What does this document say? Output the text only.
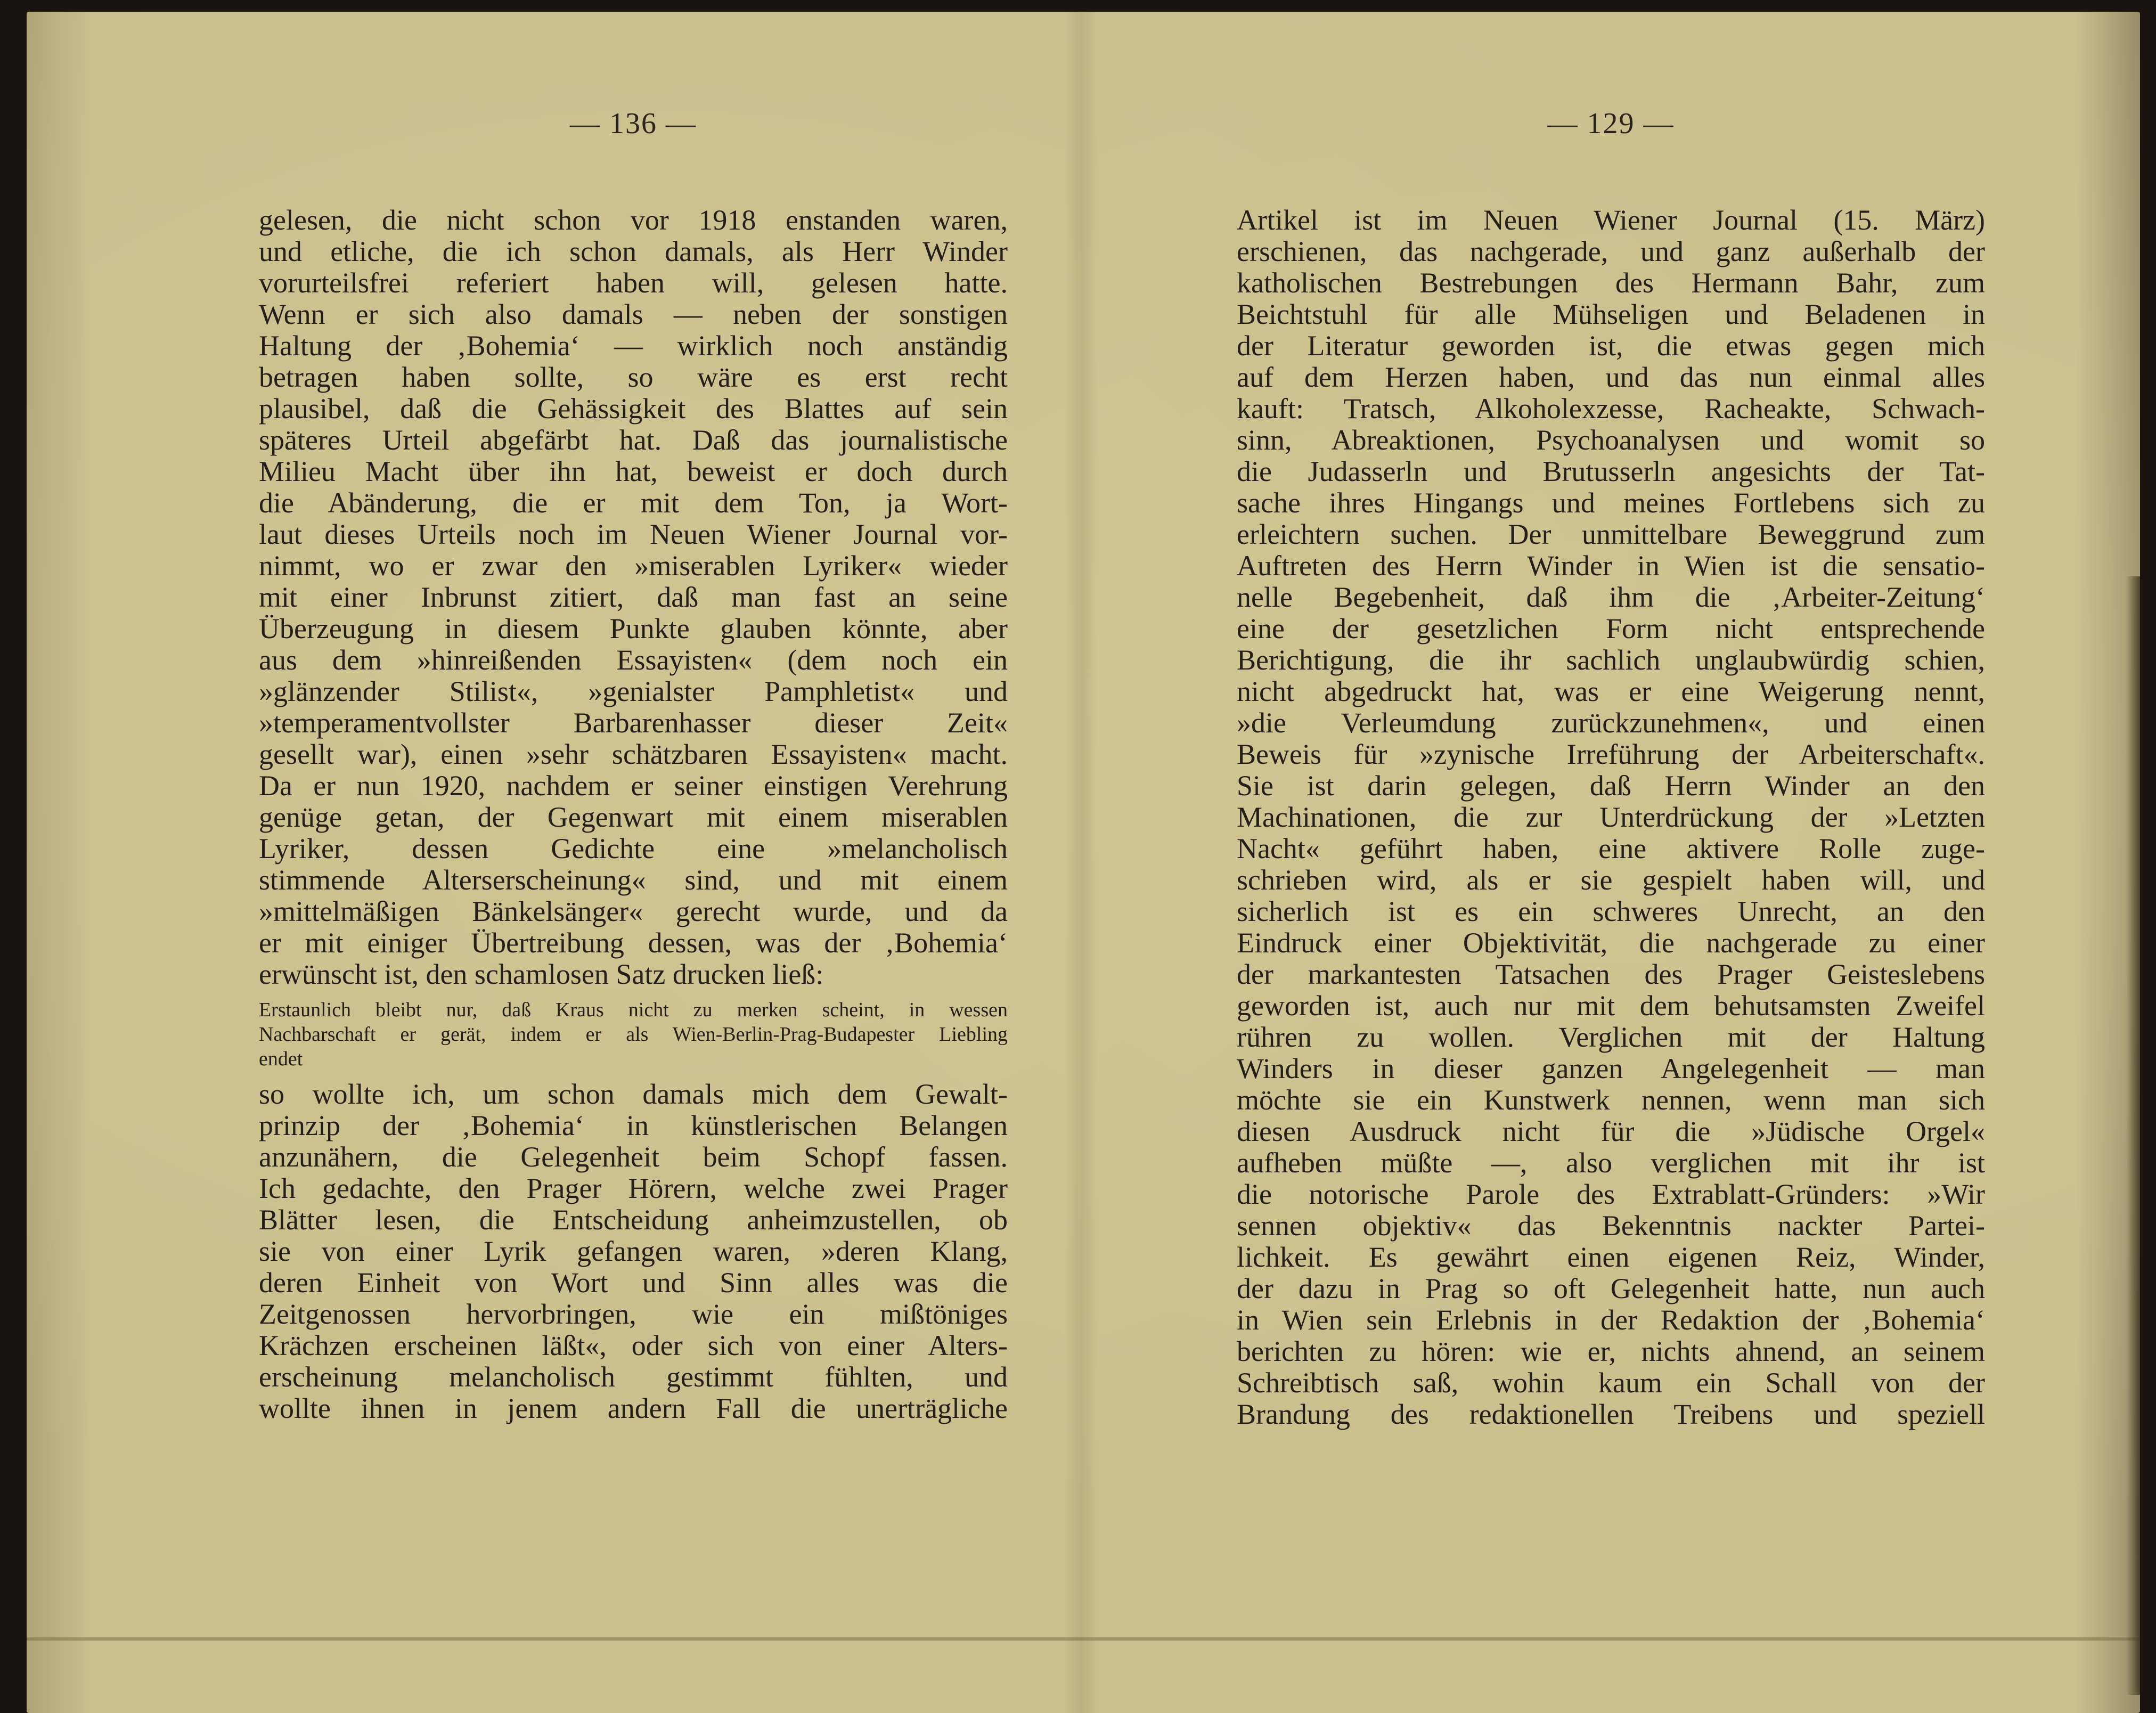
— 136 —
gelesen, die nicht schon vor 1918 enstanden waren,
und etliche, die ich schon damals, als Herr Winder
vorurteilsfrei referiert haben will, gelesen hatte.
Wenn er sich also damals — neben der sonstigen
Haltung der ‚Bohemia‘ — wirklich noch anständig
betragen haben sollte, so wäre es erst recht
plausibel, daß die Gehässigkeit des Blattes auf sein
späteres Urteil abgefärbt hat. Daß das journalistische
Milieu Macht über ihn hat, beweist er doch durch
die Abänderung, die er mit dem Ton, ja Wort-
laut dieses Urteils noch im Neuen Wiener Journal vor-
nimmt, wo er zwar den »miserablen Lyriker« wieder
mit einer Inbrunst zitiert, daß man fast an seine
Überzeugung in diesem Punkte glauben könnte, aber
aus dem »hinreißenden Essayisten« (dem noch ein
»glänzender Stilist«, »genialster Pamphletist« und
»temperamentvollster Barbarenhasser dieser Zeit«
gesellt war), einen »sehr schätzbaren Essayisten« macht.
Da er nun 1920, nachdem er seiner einstigen Verehrung
genüge getan, der Gegenwart mit einem miserablen
Lyriker, dessen Gedichte eine »melancholisch
stimmende Alterserscheinung« sind, und mit einem
»mittelmäßigen Bänkelsänger« gerecht wurde, und da
er mit einiger Übertreibung dessen, was der ‚Bohemia‘
erwünscht ist, den schamlosen Satz drucken ließ:
Erstaunlich bleibt nur, daß Kraus nicht zu merken scheint, in wessen
Nachbarschaft er gerät, indem er als Wien-Berlin-Prag-Budapester Liebling
endet
so wollte ich, um schon damals mich dem Gewalt-
prinzip der ‚Bohemia‘ in künstlerischen Belangen
anzunähern, die Gelegenheit beim Schopf fassen.
Ich gedachte, den Prager Hörern, welche zwei Prager
Blätter lesen, die Entscheidung anheimzustellen, ob
sie von einer Lyrik gefangen waren, »deren Klang,
deren Einheit von Wort und Sinn alles was die
Zeitgenossen hervorbringen, wie ein mißtöniges
Krächzen erscheinen läßt«, oder sich von einer Alters-
erscheinung melancholisch gestimmt fühlten, und
wollte ihnen in jenem andern Fall die unerträgliche
— 129 —
Artikel ist im Neuen Wiener Journal (15. März)
erschienen, das nachgerade, und ganz außerhalb der
katholischen Bestrebungen des Hermann Bahr, zum
Beichtstuhl für alle Mühseligen und Beladenen in
der Literatur geworden ist, die etwas gegen mich
auf dem Herzen haben, und das nun einmal alles
kauft: Tratsch, Alkoholexzesse, Racheakte, Schwach-
sinn, Abreaktionen, Psychoanalysen und womit so
die Judasserln und Brutusserln angesichts der Tat-
sache ihres Hingangs und meines Fortlebens sich zu
erleichtern suchen. Der unmittelbare Beweggrund zum
Auftreten des Herrn Winder in Wien ist die sensatio-
nelle Begebenheit, daß ihm die ‚Arbeiter-Zeitung‘
eine der gesetzlichen Form nicht entsprechende
Berichtigung, die ihr sachlich unglaubwürdig schien,
nicht abgedruckt hat, was er eine Weigerung nennt,
»die Verleumdung zurückzunehmen«, und einen
Beweis für »zynische Irreführung der Arbeiterschaft«.
Sie ist darin gelegen, daß Herrn Winder an den
Machinationen, die zur Unterdrückung der »Letzten
Nacht« geführt haben, eine aktivere Rolle zuge-
schrieben wird, als er sie gespielt haben will, und
sicherlich ist es ein schweres Unrecht, an den
Eindruck einer Objektivität, die nachgerade zu einer
der markantesten Tatsachen des Prager Geisteslebens
geworden ist, auch nur mit dem behutsamsten Zweifel
rühren zu wollen. Verglichen mit der Haltung
Winders in dieser ganzen Angelegenheit — man
möchte sie ein Kunstwerk nennen, wenn man sich
diesen Ausdruck nicht für die »Jüdische Orgel«
aufheben müßte —, also verglichen mit ihr ist
die notorische Parole des Extrablatt-Gründers: »Wir
sennen objektiv« das Bekenntnis nackter Partei-
lichkeit. Es gewährt einen eigenen Reiz, Winder,
der dazu in Prag so oft Gelegenheit hatte, nun auch
in Wien sein Erlebnis in der Redaktion der ‚Bohemia‘
berichten zu hören: wie er, nichts ahnend, an seinem
Schreibtisch saß, wohin kaum ein Schall von der
Brandung des redaktionellen Treibens und speziell
